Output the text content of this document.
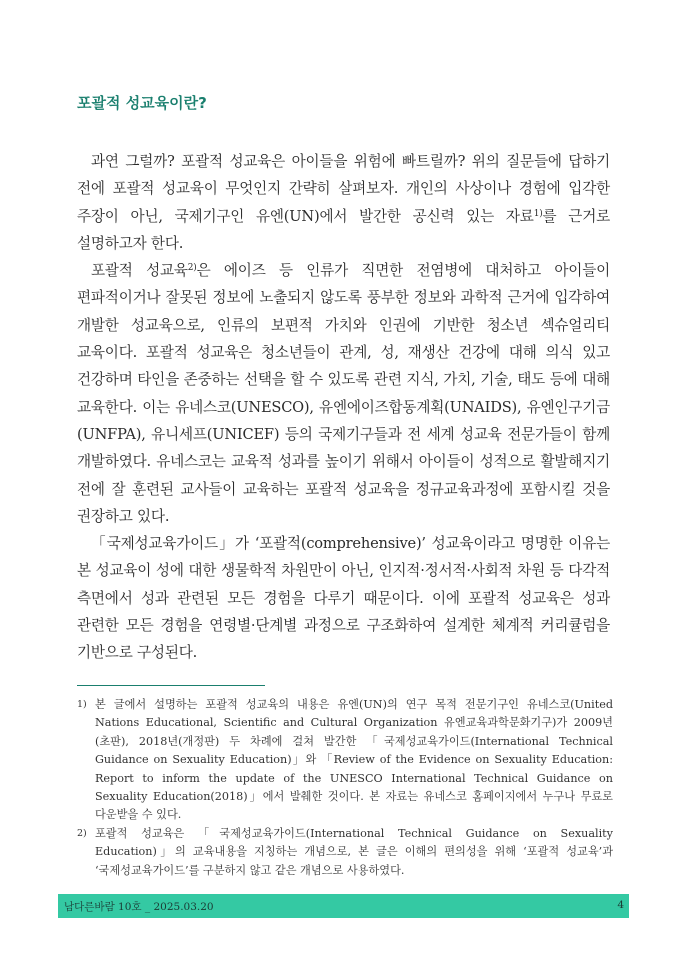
포괄적 성교육이란?

과연 그럴까? 포괄적 성교육은 아이들을 위험에 빠트릴까? 위의 질문들에 답하기 전에 포괄적 성교육이 무엇인지 간략히 살펴보자. 개인의 사상이나 경험에 입각한 주장이 아닌, 국제기구인 유엔(UN)에서 발간한 공신력 있는 자료$^{1)}$를 근거로 설명하고자 한다.

포괄적 성교육$^{2)}$은 에이즈 등 인류가 직면한 전염병에 대처하고 아이들이 편파적이거나 잘못된 정보에 노출되지 않도록 풍부한 정보와 과학적 근거에 입각하여 개발한 성교육으로, 인류의 보편적 가치와 인권에 기반한 청소년 섹슈얼리티 교육이다. 포괄적 성교육은 청소년들이 관계, 성, 재생산 건강에 대해 의식 있고 건강하며 타인을 존중하는 선택을 할 수 있도록 관련 지식, 가치, 기술, 태도 등에 대해 교육한다. 이는 유네스코(UNESCO), 유엔에이즈합동계획(UNAIDS), 유엔인구기금(UNFPA), 유니세프(UNICEF) 등의 국제기구들과 전 세계 성교육 전문가들이 함께 개발하였다. 유네스코는 교육적 성과를 높이기 위해서 아이들이 성적으로 활발해지기 전에 잘 훈련된 교사들이 교육하는 포괄적 성교육을 정규교육과정에 포함시킬 것을 권장하고 있다.

「국제성교육가이드」가 ‘포괄적(comprehensive)’ 성교육이라고 명명한 이유는 본 성교육이 성에 대한 생물학적 차원만이 아닌, 인지적·정서적·사회적 차원 등 다각적 측면에서 성과 관련된 모든 경험을 다루기 때문이다. 이에 포괄적 성교육은 성과 관련한 모든 경험을 연령별·단계별 과정으로 구조화하여 설계한 체계적 커리큘럼을 기반으로 구성된다.

1) 본 글에서 설명하는 포괄적 성교육의 내용은 유엔(UN)의 연구 목적 전문기구인 유네스코(United Nations Educational, Scientific and Cultural Organization 유엔교육과학문화기구)가 2009년(초판), 2018년(개정판) 두 차례에 걸쳐 발간한 「국제성교육가이드(International Technical Guidance on Sexuality Education)」와 「Review of the Evidence on Sexuality Education: Report to inform the update of the UNESCO International Technical Guidance on Sexuality Education(2018)」에서 발췌한 것이다. 본 자료는 유네스코 홈페이지에서 누구나 무료로 다운받을 수 있다.
2) 포괄적 성교육은 「국제성교육가이드(International Technical Guidance on Sexuality Education)」의 교육내용을 지칭하는 개념으로, 본 글은 이해의 편의성을 위해 ‘포괄적 성교육’과 ‘국제성교육가이드’를 구분하지 않고 같은 개념으로 사용하였다.
남다른바람 10호 _ 2025.03.20	4
